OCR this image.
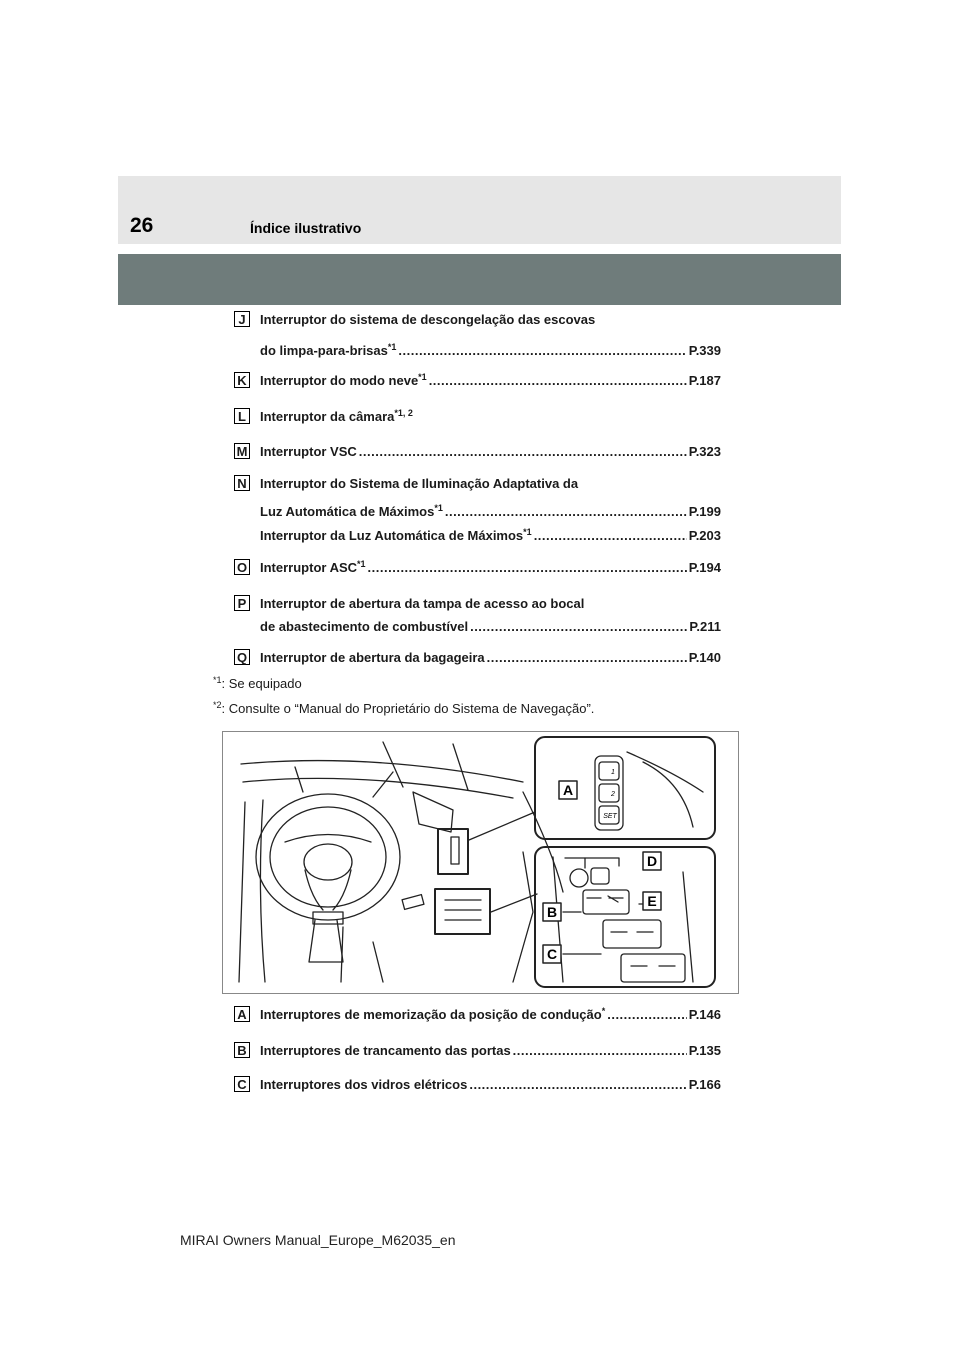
26	Índice ilustrativo
J	Interruptor do sistema de descongelação das escovas
do limpa-para-brisas$^{*1}$ .....	P.339
K Interruptor do modo neve$^{*1}$ .....	P.187
L	Interruptor da câmara$^{*1, 2}$
M Interruptor VSC .....	P.323
N Interruptor do Sistema de Iluminação Adaptativa da
Luz Automática de Máximos$^{*1}$ .....	P.199
Interruptor da Luz Automática de Máximos$^{*1}$ .....	P.203
O Interruptor ASC$^{*1}$ .....	P.194
P Interruptor de abertura da tampa de acesso ao bocal
de abastecimento de combustível .....	P.211
Q Interruptor de abertura da bagageira .....	P.140
$^{*1}$: Se equipado
$^{*2}$: Consulte o “Manual do Proprietário do Sistema de Navegação”.
A
B
C
D
E
1
2
SET
A Interruptores de memorização da posição de condução* .....	P.146
B Interruptores de trancamento das portas .....	P.135
C Interruptores dos vidros elétricos .....	P.166
MIRAI Owners Manual_Europe_M62035_en
